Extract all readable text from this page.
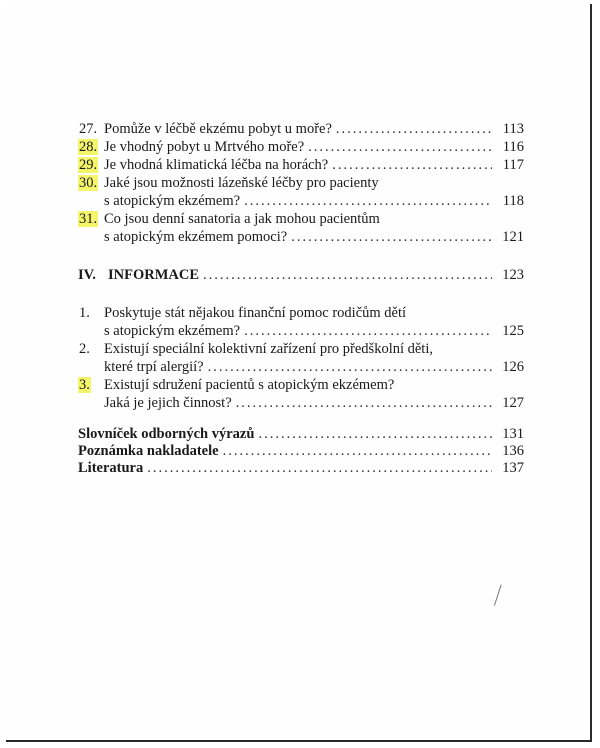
27. Pomůže v léčbě ekzému pobyt u moře? .....	113
28. Je vhodný pobyt u Mrtvého moře? .....	116
29. Je vhodná klimatická léčba na horách? .....	117
30. Jaké jsou možnosti lázeňské léčby pro pacienty
s atopickým ekzémem? .....	118
31. Co jsou denní sanatoria a jak mohou pacientům
s atopickým ekzémem pomoci? .....	121
IV. INFORMACE .....	123
1. Poskytuje stát nějakou finanční pomoc rodičům dětí
s atopickým ekzémem? .....	125
2. Existují speciální kolektivní zařízení pro předškolní děti,
které trpí alergií? .....	126
3. Existují sdružení pacientů s atopickým ekzémem?
Jaká je jejich činnost? .....	127
Slovníček odborných výrazů .....	131
Poznámka nakladatele .....	136
Literatura .....	137
